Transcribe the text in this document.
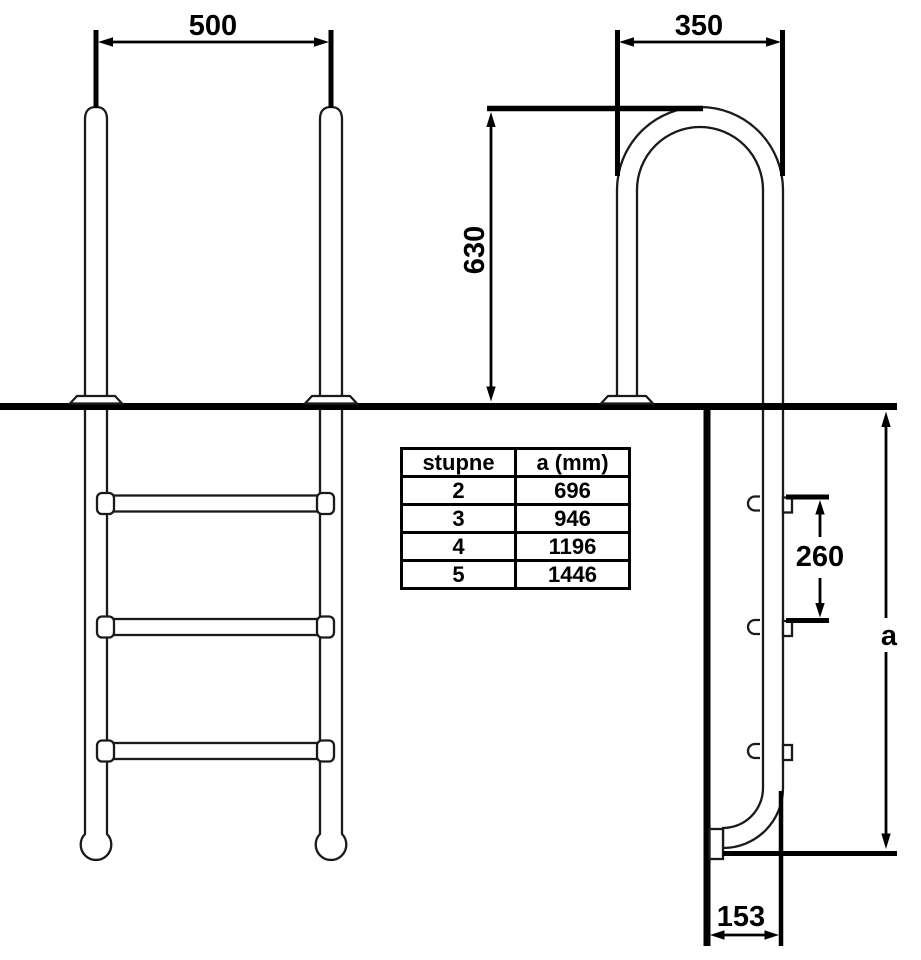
500	350
630
260
a
153
stupne	a (mm)
2	696
3	946
4	1196
5	1446
